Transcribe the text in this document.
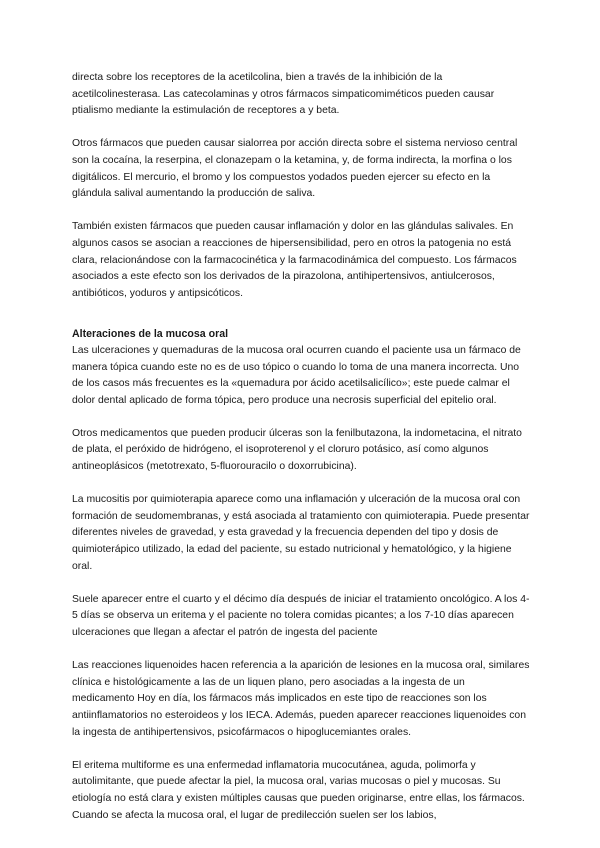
directa sobre los receptores de la acetilcolina, bien a través de la inhibición de la acetilcolinesterasa. Las catecolaminas y otros fármacos simpaticomiméticos pueden causar ptialismo mediante la estimulación de receptores a y beta.

Otros fármacos que pueden causar sialorrea por acción directa sobre el sistema nervioso central son la cocaína, la reserpina, el clonazepam o la ketamina, y, de forma indirecta, la morfina o los digitálicos. El mercurio, el bromo y los compuestos yodados pueden ejercer su efecto en la glándula salival aumentando la producción de saliva.

También existen fármacos que pueden causar inflamación y dolor en las glándulas salivales. En algunos casos se asocian a reacciones de hipersensibilidad, pero en otros la patogenia no está clara, relacionándose con la farmacocinética y la farmacodinámica del compuesto. Los fármacos asociados a este efecto son los derivados de la pirazolona, antihipertensivos, antiulcerosos, antibióticos, yoduros y antipsicóticos.

Alteraciones de la mucosa oral

Las ulceraciones y quemaduras de la mucosa oral ocurren cuando el paciente usa un fármaco de manera tópica cuando este no es de uso tópico o cuando lo toma de una manera incorrecta. Uno de los casos más frecuentes es la «quemadura por ácido acetilsalicílico»; este puede calmar el dolor dental aplicado de forma tópica, pero produce una necrosis superficial del epitelio oral.

Otros medicamentos que pueden producir úlceras son la fenilbutazona, la indometacina, el nitrato de plata, el peróxido de hidrógeno, el isoproterenol y el cloruro potásico, así como algunos antineoplásicos (metotrexato, 5-fluorouracilo o doxorrubicina).

La mucositis por quimioterapia aparece como una inflamación y ulceración de la mucosa oral con formación de seudomembranas, y está asociada al tratamiento con quimioterapia. Puede presentar diferentes niveles de gravedad, y esta gravedad y la frecuencia dependen del tipo y dosis de quimioterápico utilizado, la edad del paciente, su estado nutricional y hematológico, y la higiene oral.

Suele aparecer entre el cuarto y el décimo día después de iniciar el tratamiento oncológico. A los 4-5 días se observa un eritema y el paciente no tolera comidas picantes; a los 7-10 días aparecen ulceraciones que llegan a afectar el patrón de ingesta del paciente

Las reacciones liquenoides hacen referencia a la aparición de lesiones en la mucosa oral, similares clínica e histológicamente a las de un liquen plano, pero asociadas a la ingesta de un medicamento Hoy en día, los fármacos más implicados en este tipo de reacciones son los antiinflamatorios no esteroideos y los IECA. Además, pueden aparecer reacciones liquenoides con la ingesta de antihipertensivos, psicofármacos o hipoglucemiantes orales.

El eritema multiforme es una enfermedad inflamatoria mucocutánea, aguda, polimorfa y autolimitante, que puede afectar la piel, la mucosa oral, varias mucosas o piel y mucosas. Su etiología no está clara y existen múltiples causas que pueden originarse, entre ellas, los fármacos. Cuando se afecta la mucosa oral, el lugar de predilección suelen ser los labios,
